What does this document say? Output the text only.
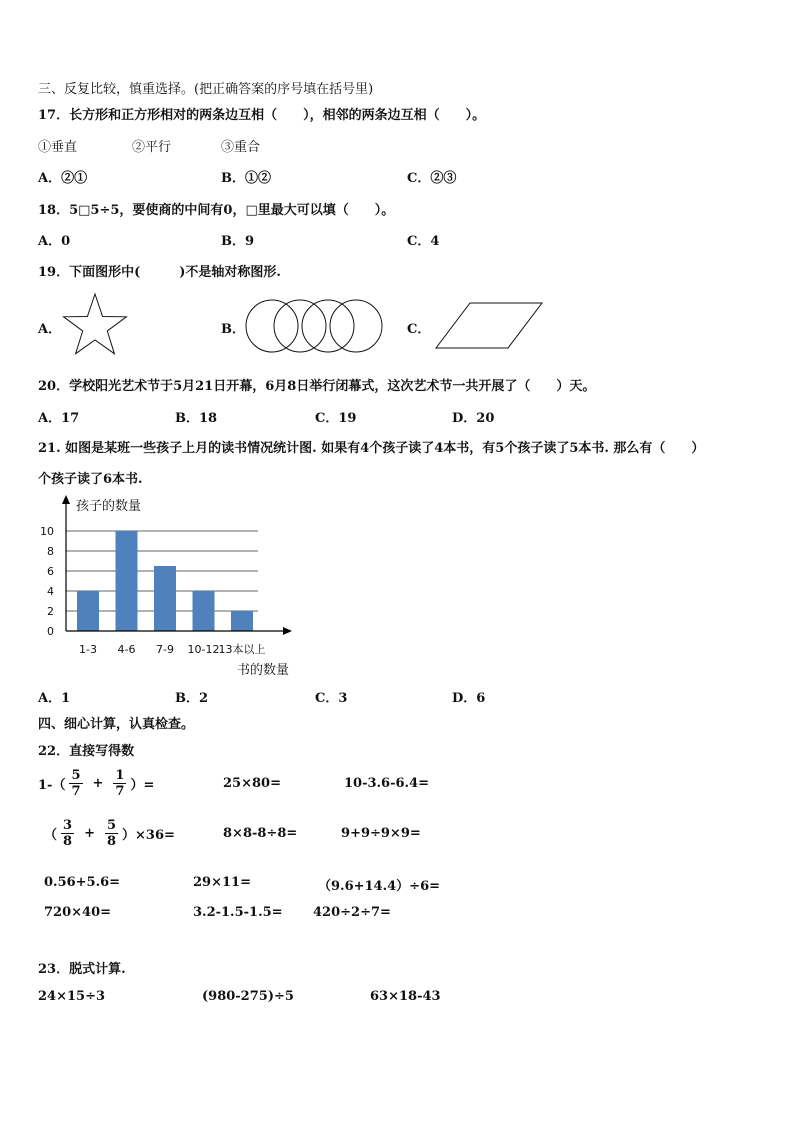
三、反复比较，慎重选择。(把正确答案的序号填在括号里)
17．长方形和正方形相对的两条边互相（　　），相邻的两条边互相（　　）。
①垂直	②平行	③重合
A．②①	B．①②	C．②③
18．5□5÷5，要使商的中间有0，□里最大可以填（　　）。
A．0	B．9	C．4
19．下面图形中(　　　)不是轴对称图形.
A．	B．	C．
20．学校阳光艺术节于5月21日开幕，6月8日举行闭幕式，这次艺术节一共开展了（　　）天。
A．17	B．18	C．19	D．20
21. 如图是某班一些孩子上月的读书情况统计图. 如果有4个孩子读了4本书，有5个孩子读了5本书. 那么有（　　）
个孩子读了6本书.
0
2
4
6
8
10
1-3 4-6 7-9 10-12 13本以上
孩子的数量
书的数量
A．1	B．2	C．3	D．6
四、细心计算，认真检查。
22．直接写得数
$1-( \frac{5}{7} + \frac{1}{7}$ ）=	25×80=	10-3.6-6.4=
（ $\frac{3}{8} + \frac{5}{8} )\times 36=$	8×8-8÷8=	9+9÷9×9=
0.56+5.6=	29×11=	（9.6+14.4）÷6=
720×40=	3.2-1.5-1.5= 420÷2÷7=
23．脱式计算.
24×15÷3	(980-275)÷5	63×18-43
